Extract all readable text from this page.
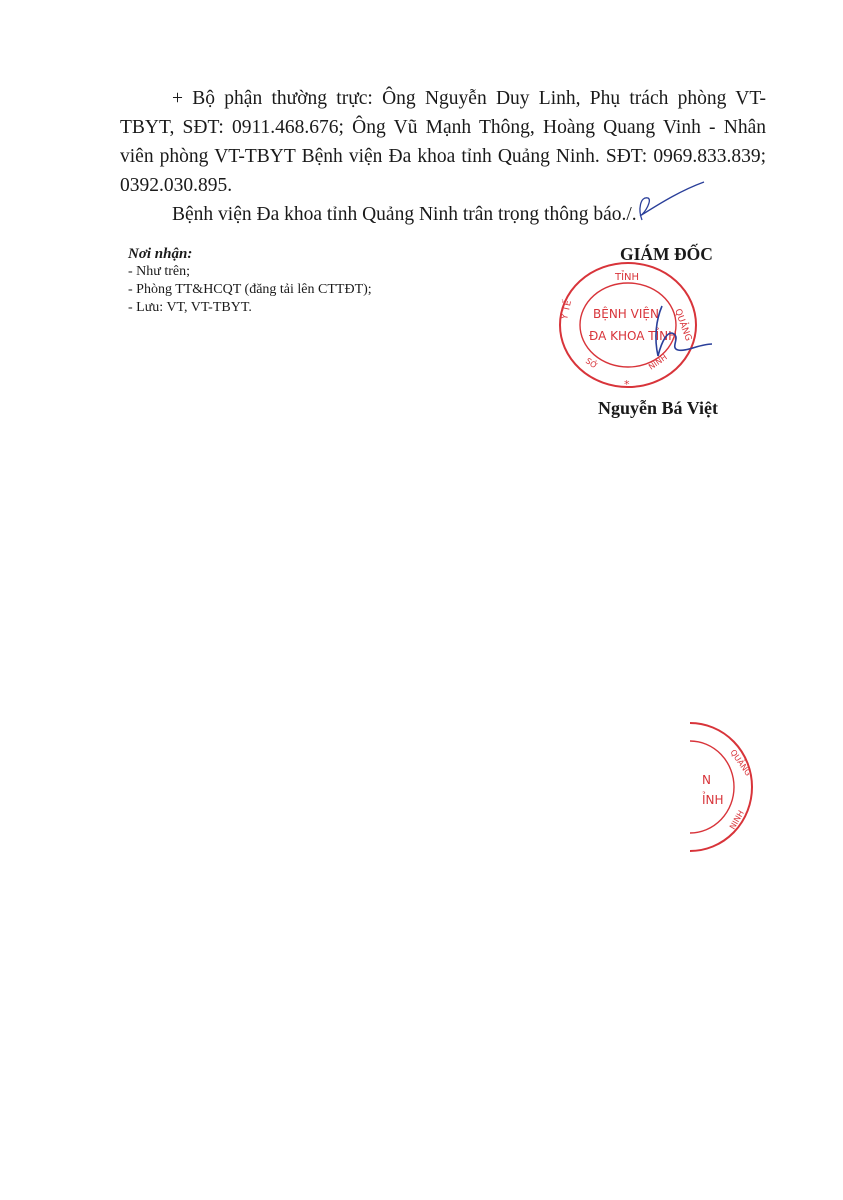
+ Bộ phận thường trực: Ông Nguyễn Duy Linh, Phụ trách phòng VT-TBYT, SĐT: 0911.468.676; Ông Vũ Mạnh Thông, Hoàng Quang Vinh - Nhân viên phòng VT-TBYT Bệnh viện Đa khoa tỉnh Quảng Ninh. SĐT: 0969.833.839; 0392.030.895.

Bệnh viện Đa khoa tỉnh Quảng Ninh trân trọng thông báo./.

Nơi nhận:
- Như trên;
- Phòng TT&HCQT (đăng tải lên CTTĐT);
- Lưu: VT, VT-TBYT.
GIÁM ĐỐC
TỈNH
QUẢNG
Y TẾ BỆNH VIỆN
ĐA KHOA TỈNH
NINH
SỞ
*
Nguyễn Bá Việt
N
ỈNH
QUẢNG
NINH
